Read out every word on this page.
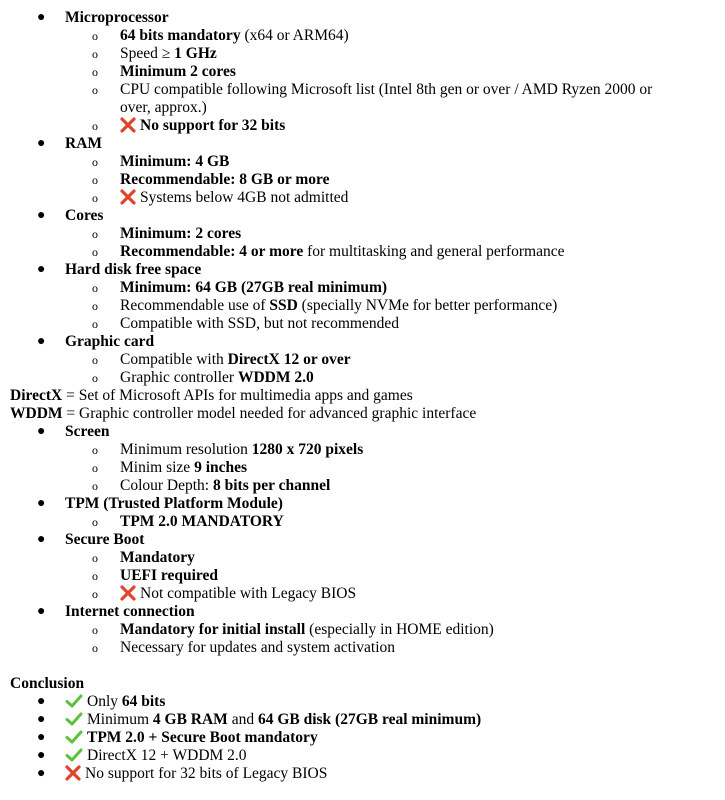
● Microprocessor
o 64 bits mandatory (x64 or ARM64)
o Speed ≥ 1 GHz
o Minimum 2 cores
o CPU compatible following Microsoft list (Intel 8th gen or over / AMD Ryzen 2000 or over, approx.)
o	No support for 32 bits
● RAM
o Minimum: 4 GB
o Recommendable: 8 GB or more
o	Systems below 4GB not admitted
● Cores
o Minimum: 2 cores
o Recommendable: 4 or more for multitasking and general performance
● Hard disk free space
o Minimum: 64 GB (27GB real minimum)
o Recommendable use of SSD (specially NVMe for better performance)
o Compatible with SSD, but not recommended
● Graphic card
o Compatible with DirectX 12 or over
o Graphic controller WDDM 2.0
DirectX = Set of Microsoft APIs for multimedia apps and games
WDDM = Graphic controller model needed for advanced graphic interface
● Screen
o Minimum resolution 1280 x 720 pixels
o Minim size 9 inches
o Colour Depth: 8 bits per channel
● TPM (Trusted Platform Module)
o TPM 2.0 MANDATORY
● Secure Boot
o Mandatory
o UEFI required
o	Not compatible with Legacy BIOS
● Internet connection
o Mandatory for initial install (especially in HOME edition)
o Necessary for updates and system activation
Conclusion
●	Only 64 bits
●	Minimum 4 GB RAM and 64 GB disk (27GB real minimum)
●	TPM 2.0 + Secure Boot mandatory
●	DirectX 12 + WDDM 2.0
●	No support for 32 bits of Legacy BIOS
